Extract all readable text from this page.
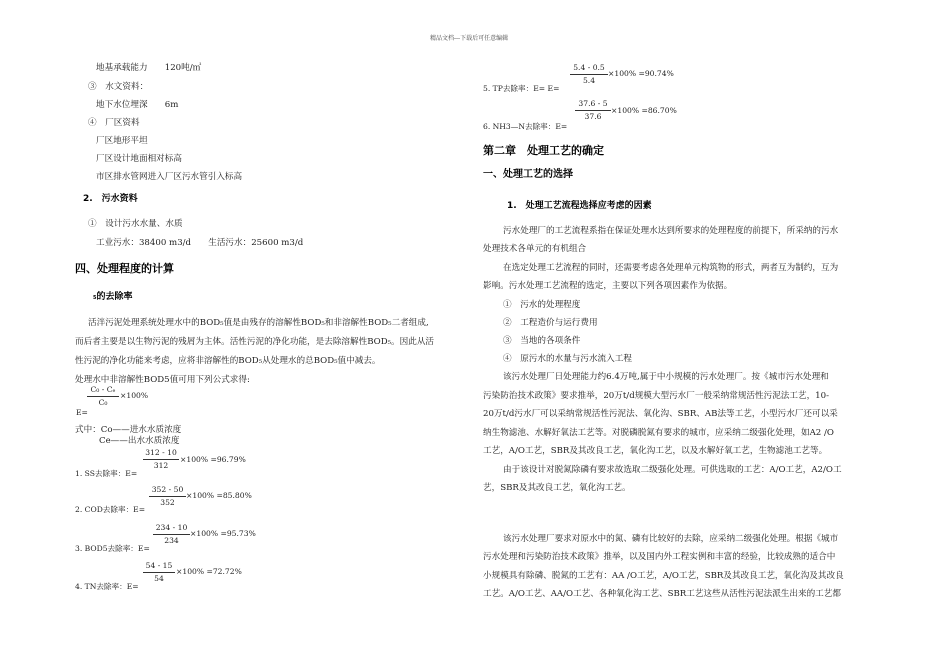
精品文档---下载后可任意编辑
地基承载能力　　120吨/㎡
③　水文资料：
地下水位埋深　　6m
④　厂区资料
厂区地形平坦
厂区设计地面相对标高
市区排水管网进入厂区污水管引入标高
2.　污水资料
①　设计污水水量、水质
工业污水：38400 m3/d　　生活污水：25600 m3/d
四、处理程度的计算
5的去除率
活泮污泥处理系统处理水中的BOD₅值是由残存的溶解性BOD₅和非溶解性BOD₅二者组成,
而后者主要是以生物污泥的残屑为主体。活性污泥的净化功能，是去除溶解性BOD₅。因此从活
性污泥的净化功能来考虑，应将非溶解性的BOD₅从处理水的总BOD₅值中减去。
处理水中非溶解性BOD5值可用下列公式求得:
C₀ - Cₑ
C₀
×100%
E=
式中：Co——进水水质浓度
Ce——出水水质浓度
312 - 10
312
×100% =96.79%
1. SS去除率：E=
352 - 50
352
×100% =85.80%
2. COD去除率：E=
234 - 10
234
×100% =95.73%
3. BOD5去除率：E=
54 - 15
54
×100% =72.72%
4. TN去除率：E=
5.4 - 0.5
5.4
×100% =90.74%
5. TP去除率：E= E=
37.6 - 5
37.6
×100% =86.70%
6. NH3—N去除率：E=
第二章　处理工艺的确定
一、处理工艺的选择
1.　处理工艺流程选择应考虑的因素
污水处理厂的工艺流程系指在保证处理水达到所要求的处理程度的前提下，所采纳的污水
处理技术各单元的有机组合
在选定处理工艺流程的同时，还需要考虑各处理单元构筑物的形式，两者互为制约，互为
影响。污水处理工艺流程的选定，主要以下列各项因素作为依据。
①　污水的处理程度
②　工程造价与运行费用
③　当地的各项条件
④　原污水的水量与污水流入工程
该污水处理厂日处理能力约6.4万吨,属于中小规模的污水处理厂。按《城市污水处理和
污染防治技术政策》要求推举，20万t/d规模大型污水厂一般采纳常规活性污泥法工艺，10-
20万t/d污水厂可以采纳常规活性污泥法、氧化沟、SBR、AB法等工艺，小型污水厂还可以采
纳生物滤池、水解好氧法工艺等。对脱磷脱氮有要求的城市，应采纳二级强化处理，如A2 /O
工艺，A/O工艺，SBR及其改良工艺，氧化沟工艺，以及水解好氧工艺，生物滤池工艺等。
由于该设计对脱氮除磷有要求故选取二级强化处理。可供选取的工艺：A/O工艺，A2/O工
艺，SBR及其改良工艺，氧化沟工艺。
该污水处理厂要求对原水中的氮、磷有比较好的去除，应采纳二级强化处理。根据《城市
污水处理和污染防治技术政策》推举，以及国内外工程实例和丰富的经验，比较成熟的适合中
小规模具有除磷、脱氮的工艺有：AA /O工艺，A/O工艺，SBR及其改良工艺，氧化沟及其改良
工艺。A/O工艺、AA/O工艺、各种氧化沟工艺、SBR工艺这些从活性污泥法派生出来的工艺都
